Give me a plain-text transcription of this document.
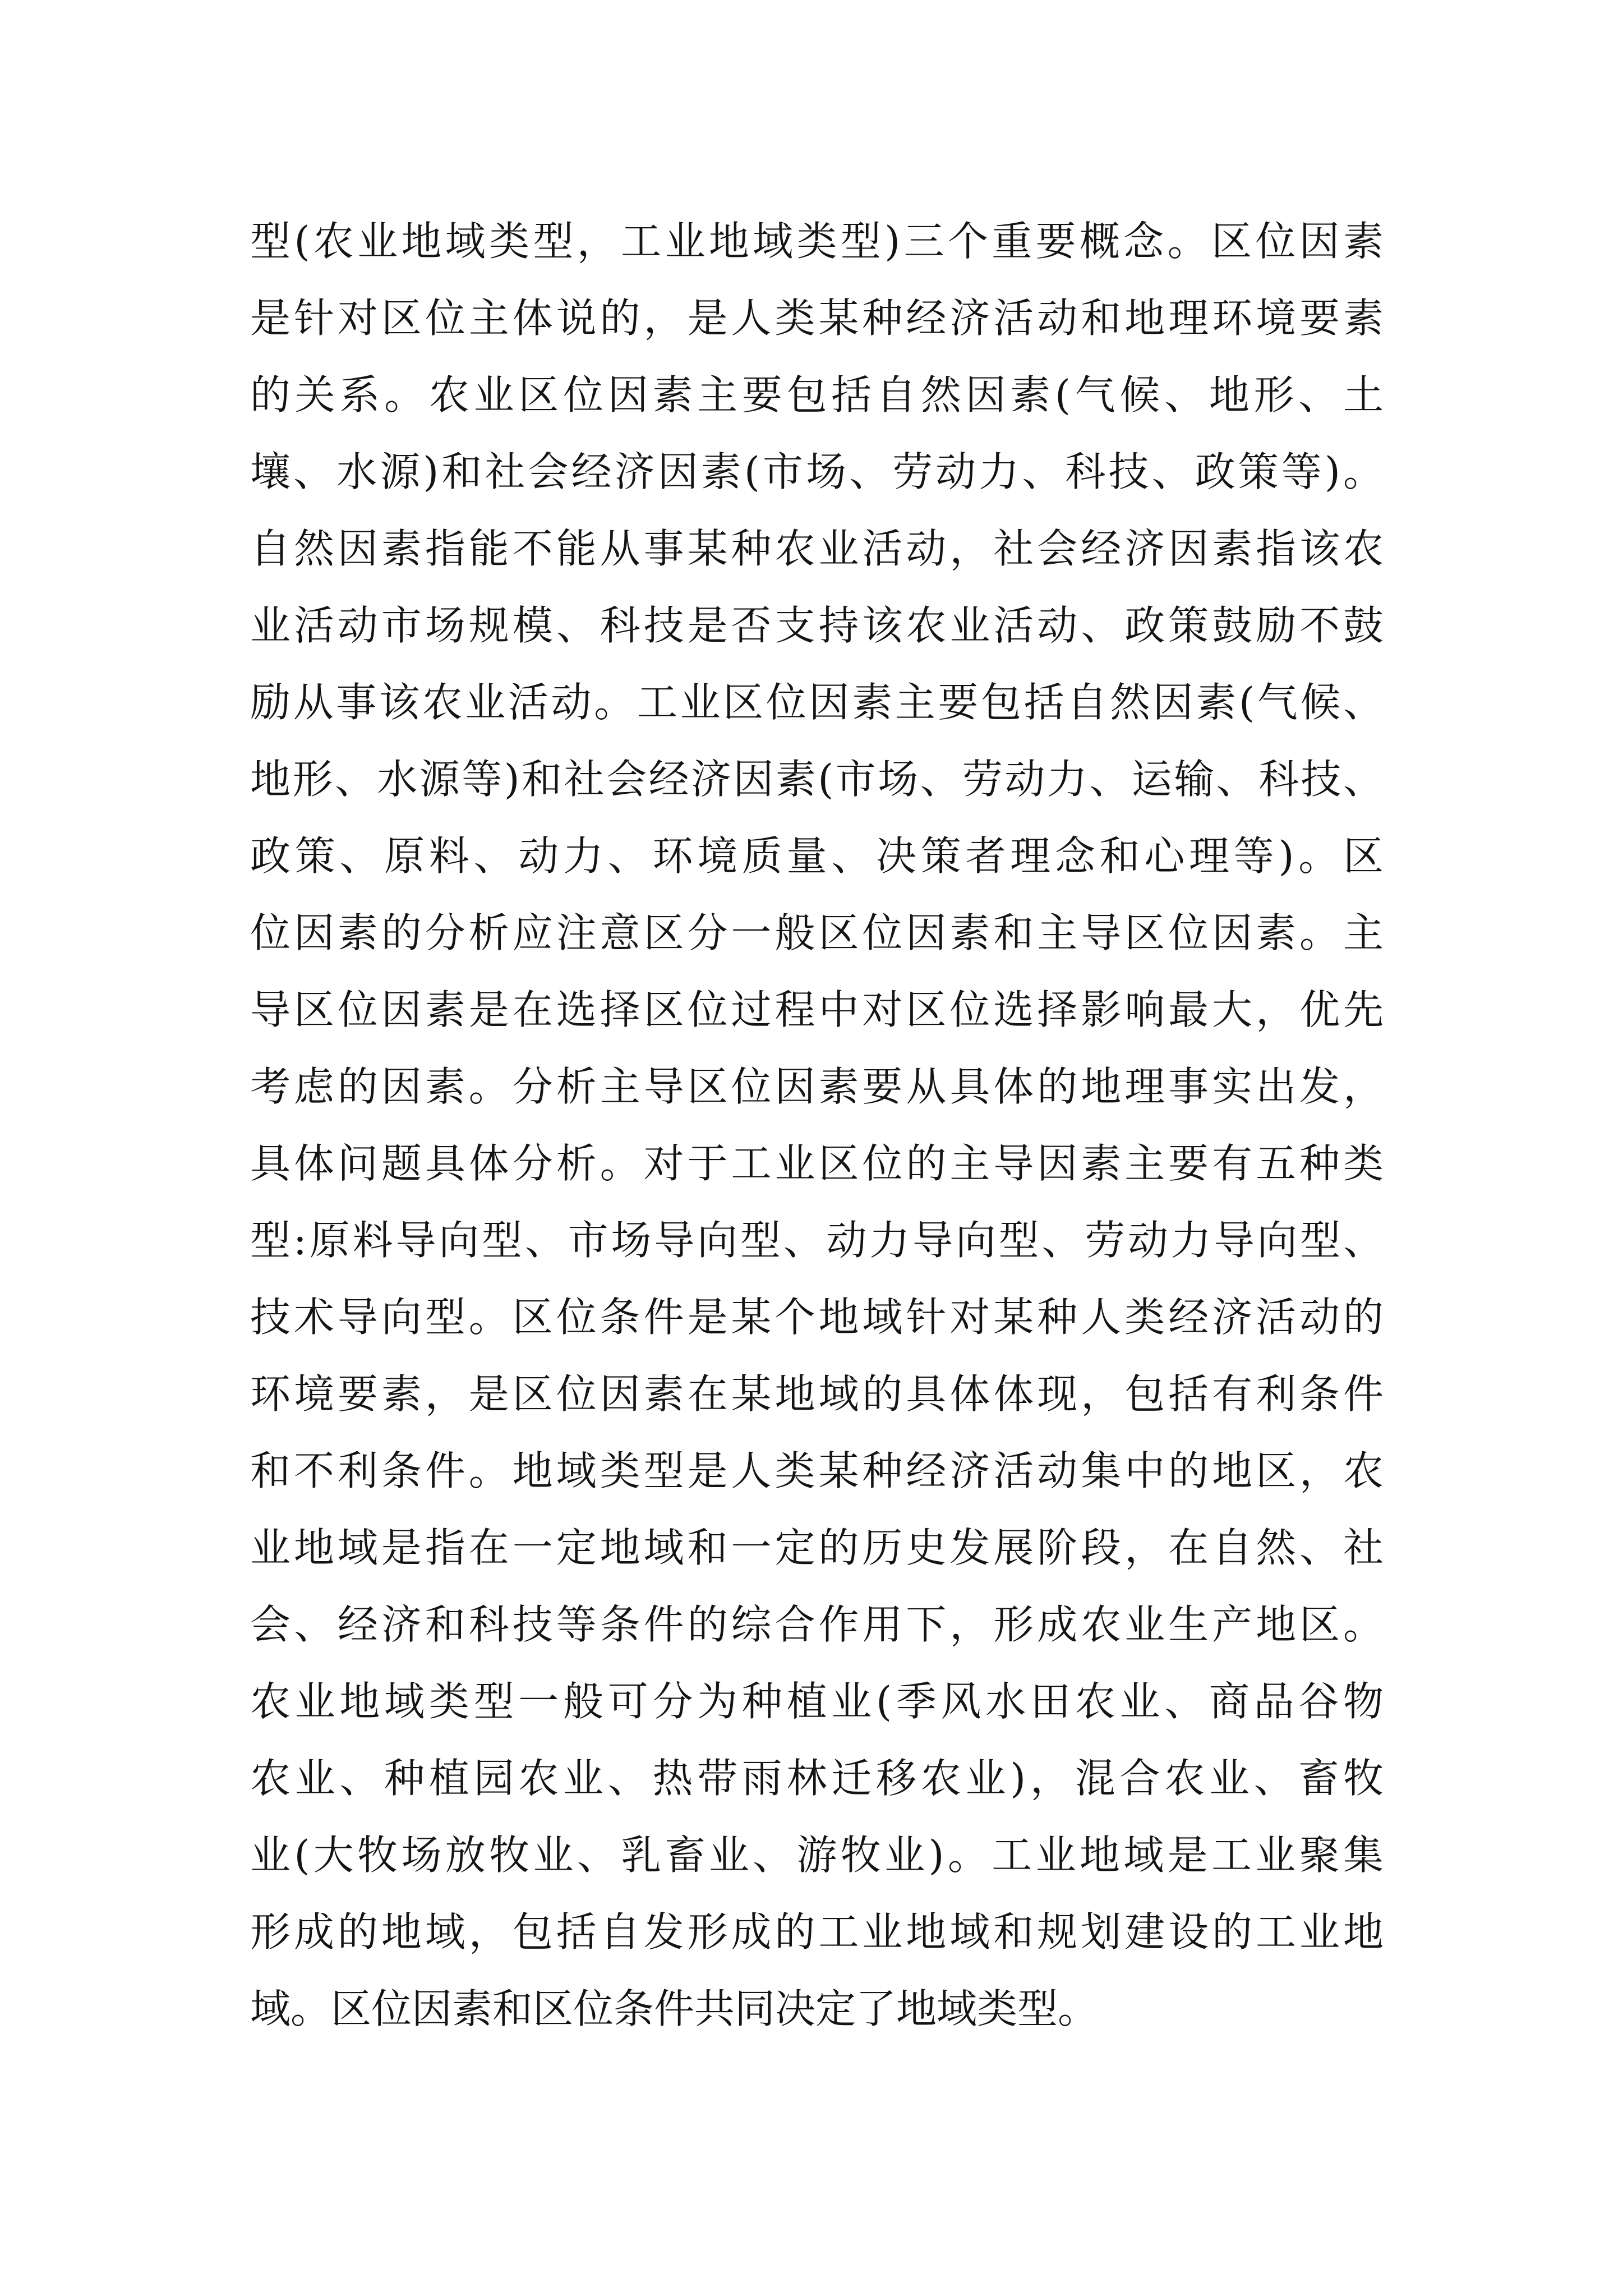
型(农业地域类型，工业地域类型)三个重要概念。区位因素
是针对区位主体说的，是人类某种经济活动和地理环境要素
的关系。农业区位因素主要包括自然因素(气候、地形、土
壤、水源)和社会经济因素(市场、劳动力、科技、政策等)。
自然因素指能不能从事某种农业活动，社会经济因素指该农
业活动市场规模、科技是否支持该农业活动、政策鼓励不鼓
励从事该农业活动。工业区位因素主要包括自然因素(气候、
地形、水源等)和社会经济因素(市场、劳动力、运输、科技、
政策、原料、动力、环境质量、决策者理念和心理等)。区
位因素的分析应注意区分一般区位因素和主导区位因素。主
导区位因素是在选择区位过程中对区位选择影响最大，优先
考虑的因素。分析主导区位因素要从具体的地理事实出发，
具体问题具体分析。对于工业区位的主导因素主要有五种类
型:原料导向型、市场导向型、动力导向型、劳动力导向型、
技术导向型。区位条件是某个地域针对某种人类经济活动的
环境要素，是区位因素在某地域的具体体现，包括有利条件
和不利条件。地域类型是人类某种经济活动集中的地区，农
业地域是指在一定地域和一定的历史发展阶段，在自然、社
会、经济和科技等条件的综合作用下，形成农业生产地区。
农业地域类型一般可分为种植业(季风水田农业、商品谷物
农业、种植园农业、热带雨林迁移农业)，混合农业、畜牧
业(大牧场放牧业、乳畜业、游牧业)。工业地域是工业聚集
形成的地域，包括自发形成的工业地域和规划建设的工业地
域。区位因素和区位条件共同决定了地域类型。
